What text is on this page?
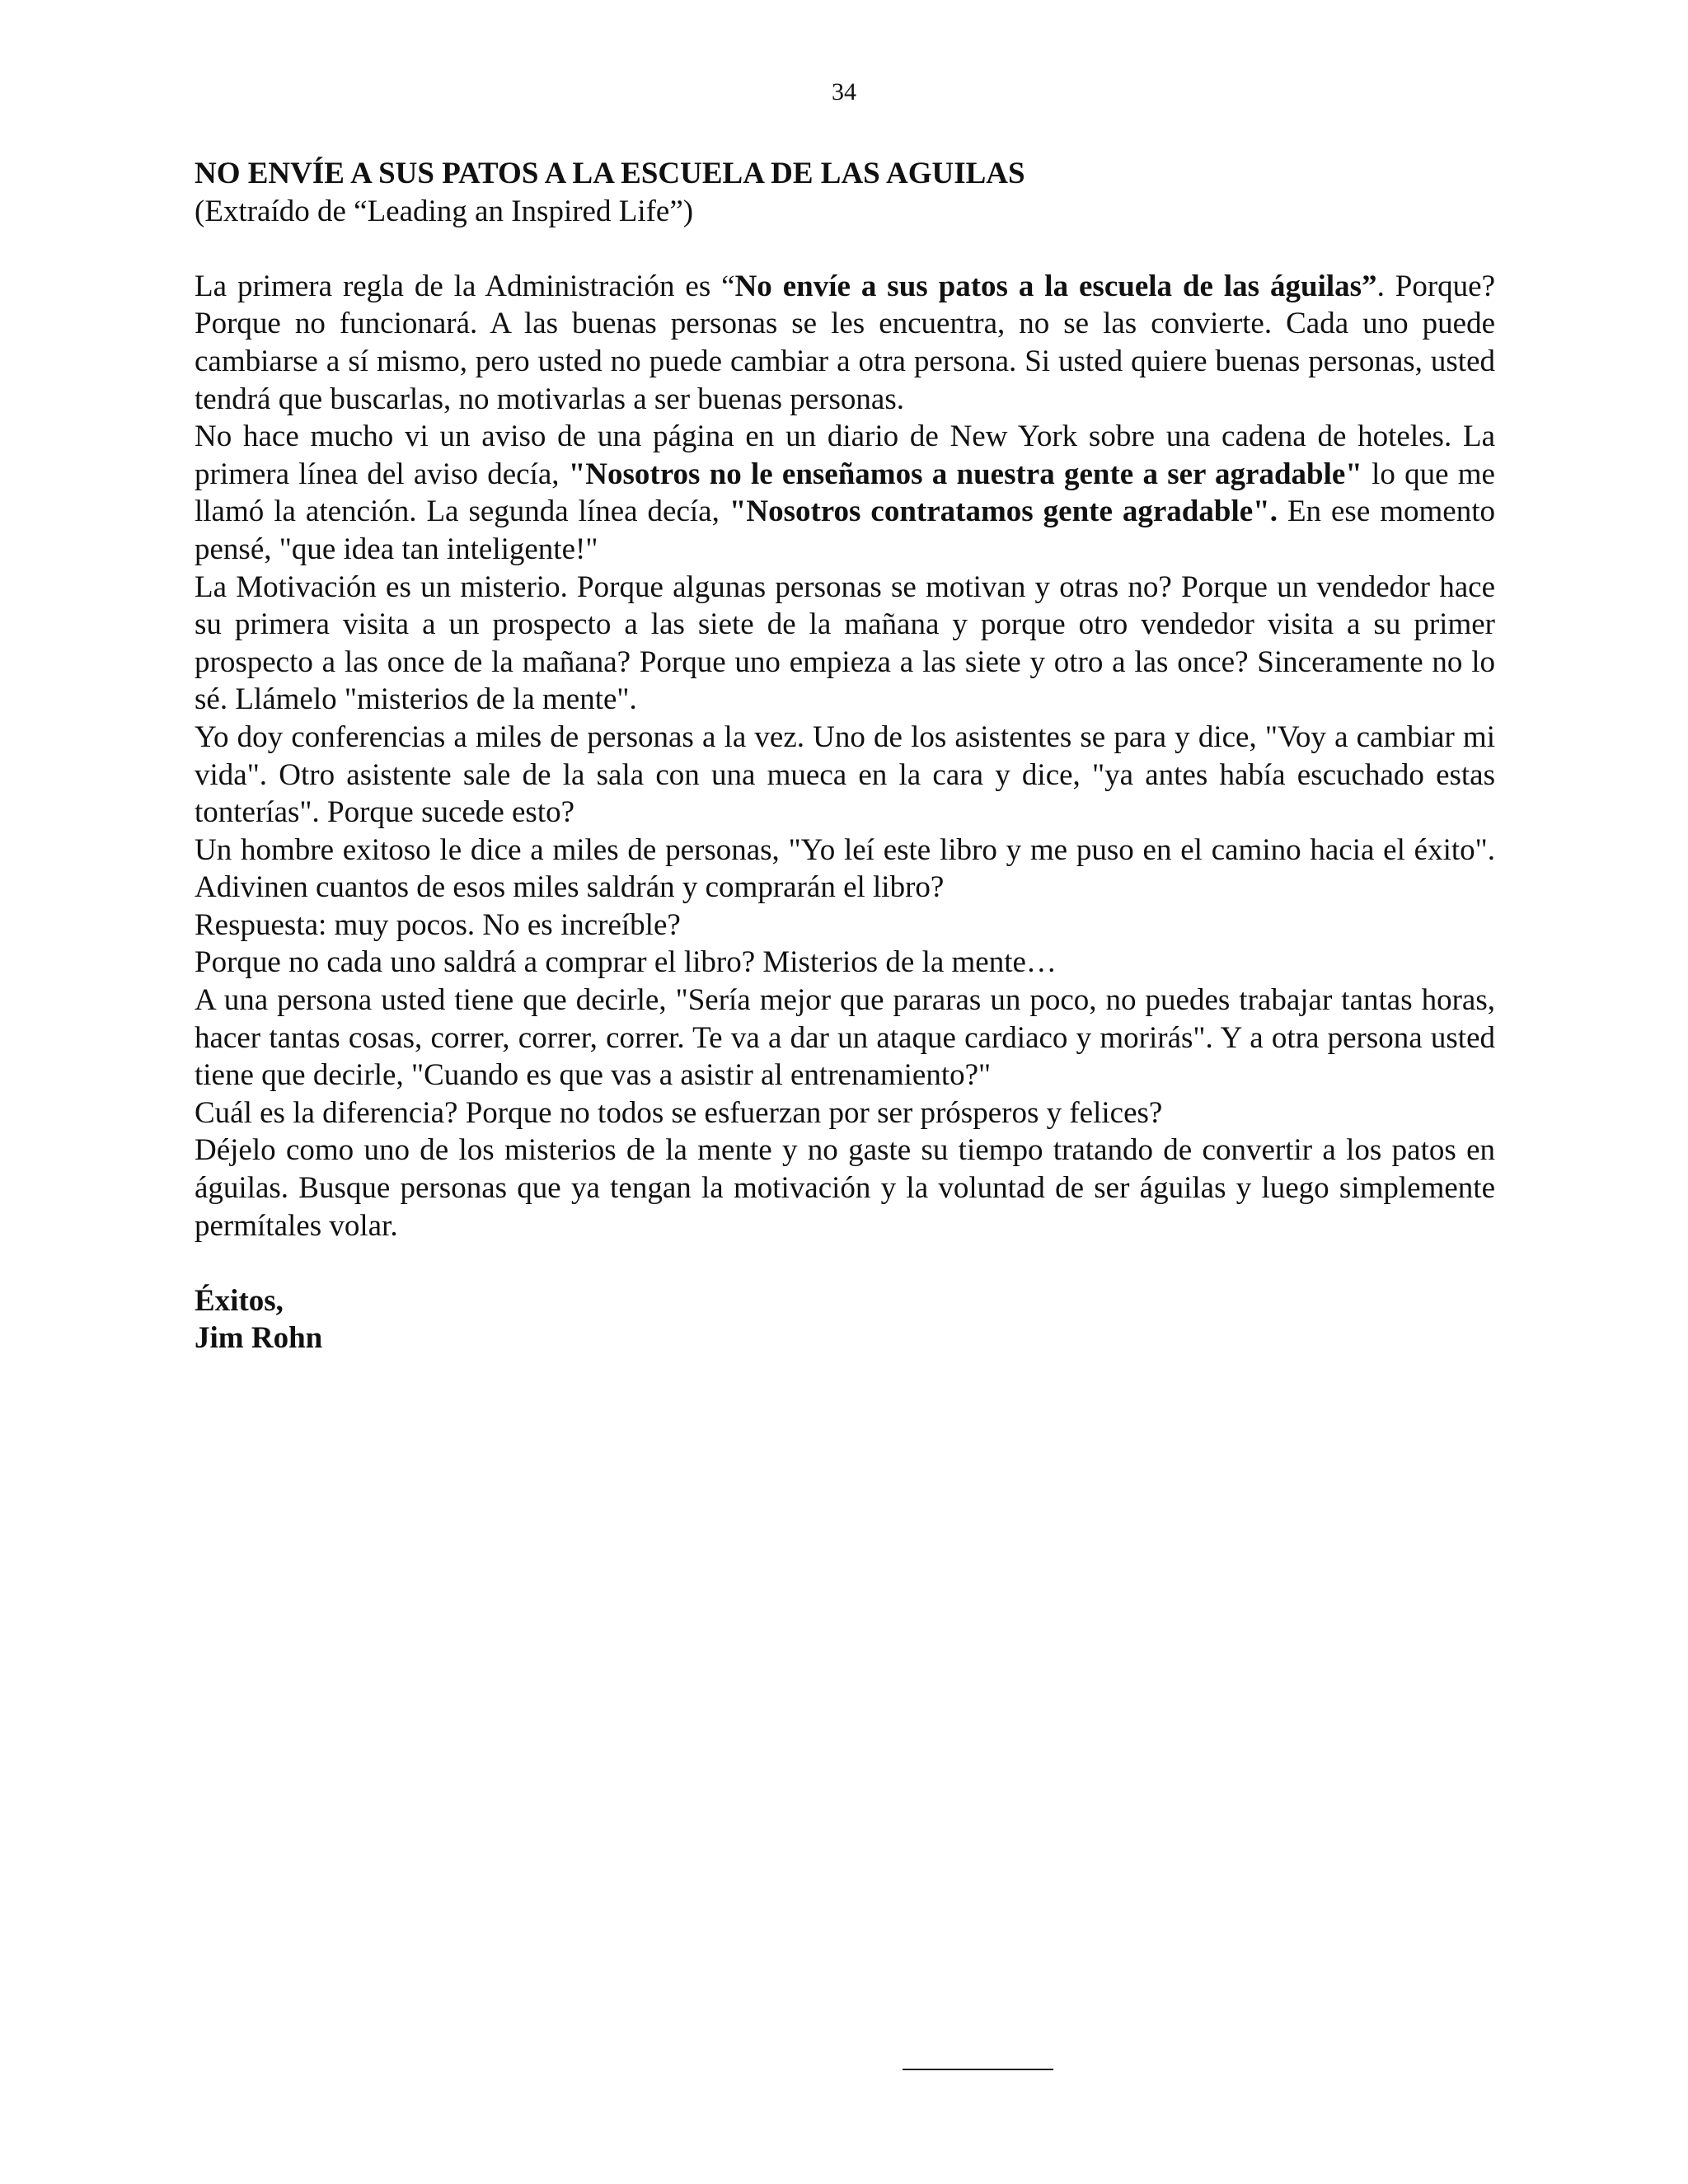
34
NO ENVÍE A SUS PATOS A LA ESCUELA DE LAS AGUILAS
(Extraído de “Leading an Inspired Life”)

La primera regla de la Administración es “No envíe a sus patos a la escuela de las águilas”. Porque? Porque no funcionará. A las buenas personas se les encuentra, no se las convierte. Cada uno puede cambiarse a sí mismo, pero usted no puede cambiar a otra persona. Si usted quiere buenas personas, usted tendrá que buscarlas, no motivarlas a ser buenas personas.

No hace mucho vi un aviso de una página en un diario de New York sobre una cadena de hoteles. La primera línea del aviso decía, "Nosotros no le enseñamos a nuestra gente a ser agradable" lo que me llamó la atención. La segunda línea decía, "Nosotros contratamos gente agradable". En ese momento pensé, "que idea tan inteligente!"

La Motivación es un misterio. Porque algunas personas se motivan y otras no? Porque un vendedor hace su primera visita a un prospecto a las siete de la mañana y porque otro vendedor visita a su primer prospecto a las once de la mañana? Porque uno empieza a las siete y otro a las once? Sinceramente no lo sé. Llámelo "misterios de la mente".

Yo doy conferencias a miles de personas a la vez. Uno de los asistentes se para y dice, "Voy a cambiar mi vida". Otro asistente sale de la sala con una mueca en la cara y dice, "ya antes había escuchado estas tonterías". Porque sucede esto?

Un hombre exitoso le dice a miles de personas, "Yo leí este libro y me puso en el camino hacia el éxito". Adivinen cuantos de esos miles saldrán y comprarán el libro?

Respuesta: muy pocos. No es increíble?

Porque no cada uno saldrá a comprar el libro? Misterios de la mente…

A una persona usted tiene que decirle, "Sería mejor que pararas un poco, no puedes trabajar tantas horas, hacer tantas cosas, correr, correr, correr. Te va a dar un ataque cardiaco y morirás". Y a otra persona usted tiene que decirle, "Cuando es que vas a asistir al entrenamiento?"

Cuál es la diferencia? Porque no todos se esfuerzan por ser prósperos y felices?

Déjelo como uno de los misterios de la mente y no gaste su tiempo tratando de convertir a los patos en águilas. Busque personas que ya tengan la motivación y la voluntad de ser águilas y luego simplemente permítales volar.

Éxitos,
Jim Rohn
